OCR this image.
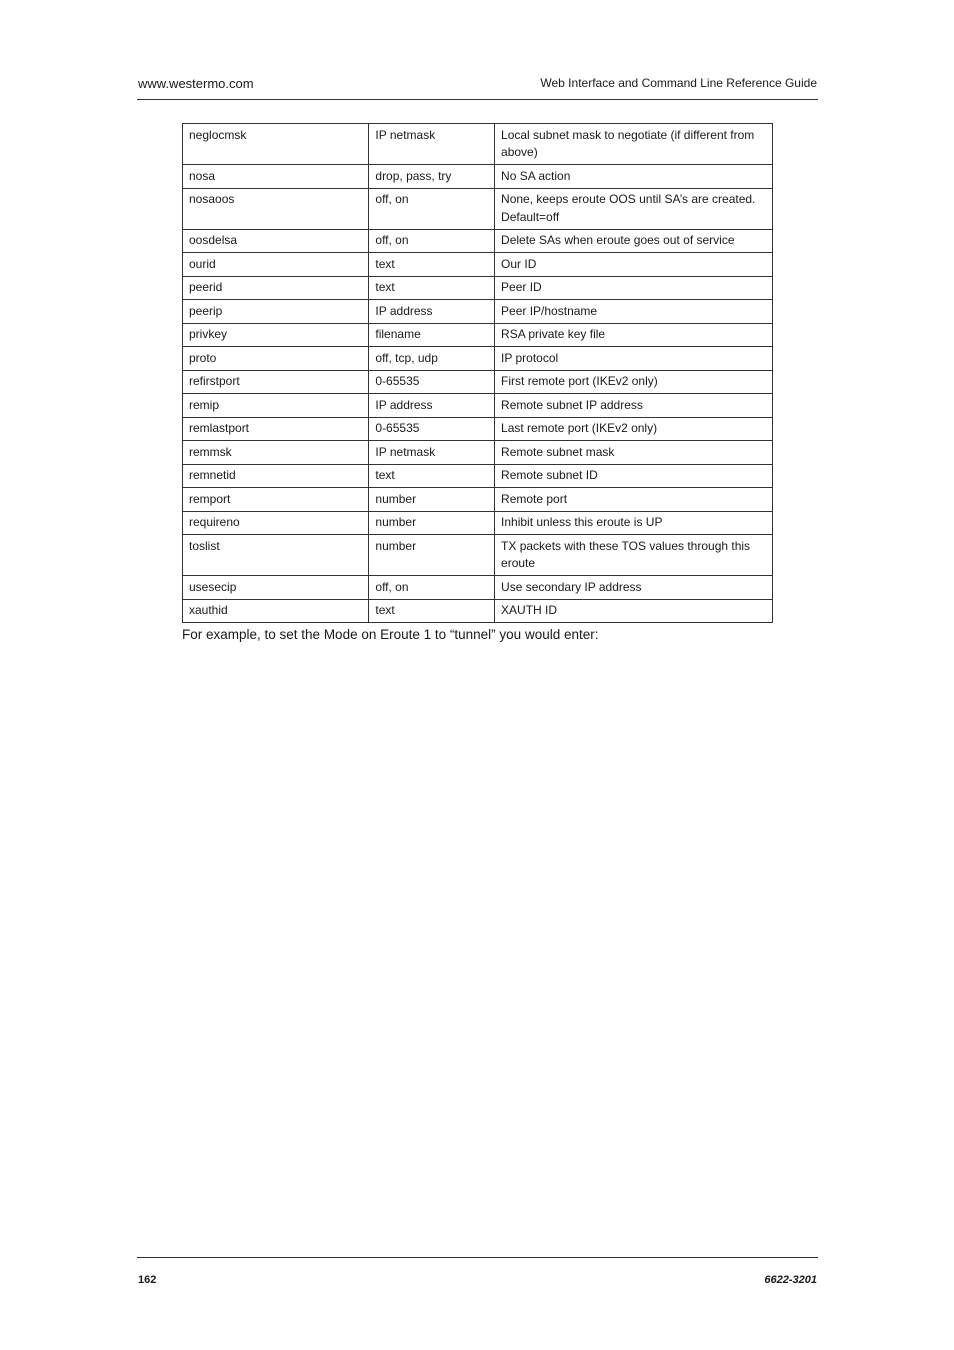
www.westermo.com	Web Interface and Command Line Reference Guide
neglocmsk	IP netmask	Local subnet mask to negotiate (if different from above)
nosa	drop, pass, try	No SA action
nosaoos	off, on	None, keeps eroute OOS until SA’s are created. Default=off
oosdelsa	off, on	Delete SAs when eroute goes out of service
ourid	text	Our ID
peerid	text	Peer ID
peerip	IP address	Peer IP/hostname
privkey	filename	RSA private key file
proto	off, tcp, udp	IP protocol
refirstport	0-65535	First remote port (IKEv2 only)
remip	IP address	Remote subnet IP address
remlastport	0-65535	Last remote port (IKEv2 only)
remmsk	IP netmask	Remote subnet mask
remnetid	text	Remote subnet ID
remport	number	Remote port
requireno	number	Inhibit unless this eroute is UP
toslist	number	TX packets with these TOS values through this eroute
usesecip	off, on	Use secondary IP address
xauthid	text	XAUTH ID
For example, to set the Mode on Eroute 1 to “tunnel” you would enter:
162	6622-3201
